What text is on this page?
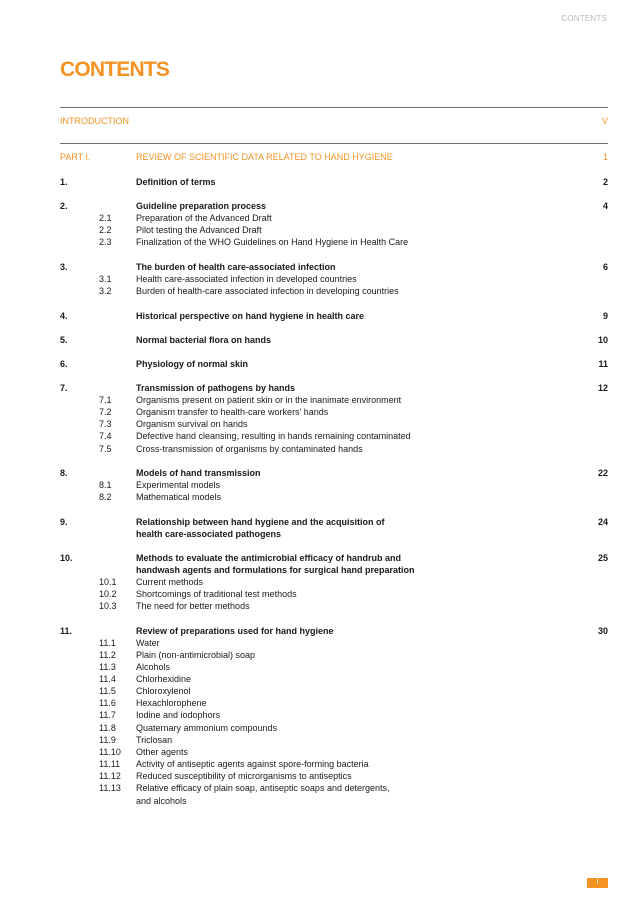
CONTENTS
CONTENTS
INTRODUCTION	V
PART I.	REVIEW OF SCIENTIFIC DATA RELATED TO HAND HYGIENE	1
1.	Definition of terms	2
2.	Guideline preparation process	4
2.1	Preparation of the Advanced Draft
2.2	Pilot testing the Advanced Draft
2.3	Finalization of the WHO Guidelines on Hand Hygiene in Health Care
3.	The burden of health care-associated infection	6
3.1	Health care-associated infection in developed countries
3.2	Burden of health-care associated infection in developing countries
4.	Historical perspective on hand hygiene in health care	9
5.	Normal bacterial flora on hands	10
6.	Physiology of normal skin	11
7.	Transmission of pathogens by hands	12
7.1	Organisms present on patient skin or in the inanimate environment
7.2	Organism transfer to health-care workers’ hands
7.3	Organism survival on hands
7.4	Defective hand cleansing, resulting in hands remaining contaminated
7.5	Cross-transmission of organisms by contaminated hands
8.	Models of hand transmission	22
8.1	Experimental models
8.2	Mathematical models
9.	Relationship between hand hygiene and the acquisition of	24
health care-associated pathogens
10.	Methods to evaluate the antimicrobial efficacy of handrub and	25
handwash agents and formulations for surgical hand preparation
10.1 Current methods
10.2 Shortcomings of traditional test methods
10.3 The need for better methods
11.	Review of preparations used for hand hygiene	30
11.1 Water
11.2 Plain (non-antimicrobial) soap
11.3 Alcohols
11.4 Chlorhexidine
11.5 Chloroxylenol
11.6 Hexachlorophene
11.7 Iodine and iodophors
11.8 Quaternary ammonium compounds
11.9 Triclosan
11.10 Other agents
11.11 Activity of antiseptic agents against spore-forming bacteria
11.12 Reduced susceptibility of microrganisms to antiseptics
11.13 Relative efficacy of plain soap, antiseptic soaps and detergents,
and alcohols
I
